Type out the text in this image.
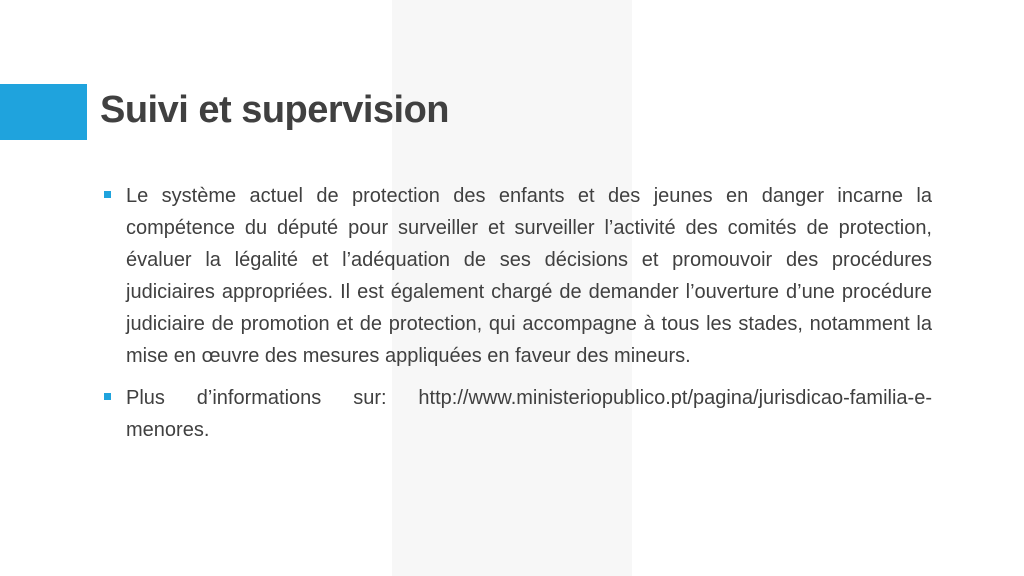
Suivi et supervision

Le système actuel de protection des enfants et des jeunes en danger incarne la compétence du député pour surveiller et surveiller l’activité des comités de protection, évaluer la légalité et l’adéquation de ses décisions et promouvoir des procédures judiciaires appropriées. Il est également chargé de demander l’ouverture d’une procédure judiciaire de promotion et de protection, qui accompagne à tous les stades, notamment la mise en œuvre des mesures appliquées en faveur des mineurs.

Plus d’informations sur: http://www.ministeriopublico.pt/pagina/jurisdicao-familia-e-menores.
